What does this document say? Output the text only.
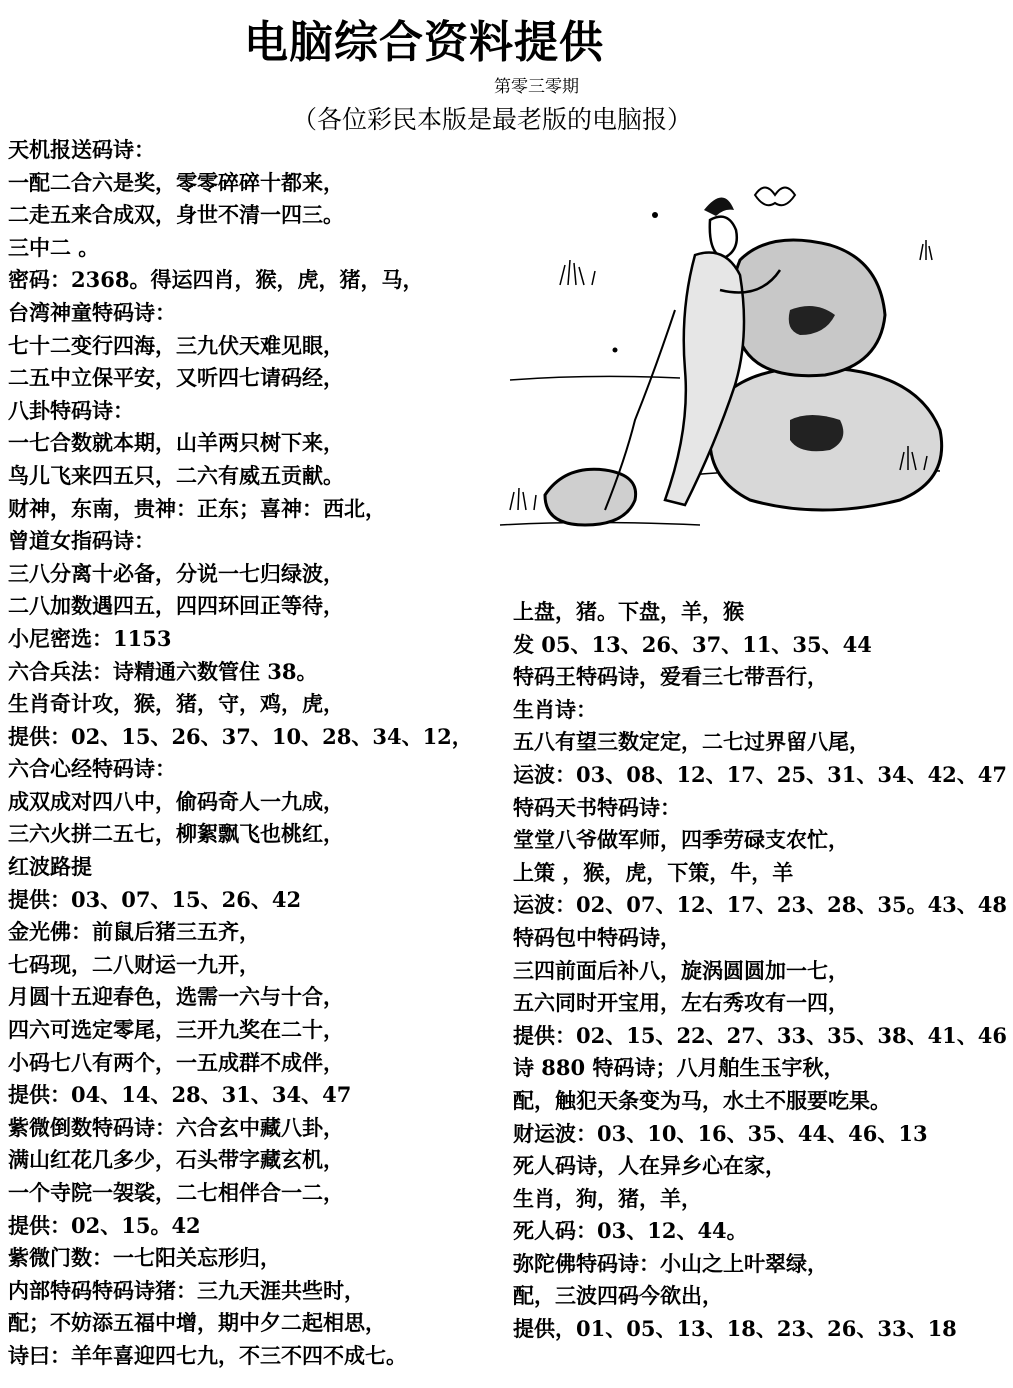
电脑综合资料提供
第零三零期
（各位彩民本版是最老版的电脑报）
天机报送码诗：
一配二合六是奖，零零碎碎十都来，
二走五来合成双，身世不清一四三。
三中二 。
密码：2368。得运四肖，猴，虎，猪，马，
台湾神童特码诗：
七十二变行四海，三九伏天难见眼，
二五中立保平安，又听四七请码经，
八卦特码诗：
一七合数就本期，山羊两只树下来，
鸟儿飞来四五只，二六有威五贡献。
财神，东南，贵神：正东；喜神：西北，
曾道女指码诗：
三八分离十必备，分说一七归绿波，
二八加数遇四五，四四环回正等待，
小尼密选：1153
六合兵法：诗精通六数管住 38。
生肖奇计攻，猴，猪，守，鸡，虎，
提供：02、15、26、37、10、28、34、12，
六合心经特码诗：
成双成对四八中，偷码奇人一九成，
三六火拼二五七，柳絮飘飞也桃红，
红波路提
提供：03、07、15、26、42
金光佛：前鼠后猪三五齐，
七码现，二八财运一九开，
月圆十五迎春色，选需一六与十合，
四六可选定零尾，三开九奖在二十，
小码七八有两个，一五成群不成伴，
提供：04、14、28、31、34、47
紫微倒数特码诗：六合玄中藏八卦，
满山红花几多少，石头带字藏玄机，
一个寺院一袈裟，二七相伴合一二，
提供：02、15。42
紫微门数：一七阳关忘形归，
内部特码特码诗猪：三九天涯共些时，
配；不妨添五福中增，期中夕二起相思，
诗曰：羊年喜迎四七九，不三不四不成七。
上盘，猪。下盘，羊，猴
发 05、13、26、37、11、35、44
特码王特码诗，爱看三七带吾行，
生肖诗：
五八有望三数定定，二七过界留八尾，
运波：03、08、12、17、25、31、34、42、47
特码天书特码诗：
堂堂八爷做军师，四季劳碌支农忙，
上策 ，猴，虎，下策，牛，羊
运波：02、07、12、17、23、28、35。43、48
特码包中特码诗，
三四前面后补八，旋涡圆圆加一七，
五六同时开宝用，左右秀攻有一四，
提供：02、15、22、27、33、35、38、41、46
诗 880 特码诗；八月舶生玉宇秋，
配，触犯天条变为马，水土不服要吃果。
财运波：03、10、16、35、44、46、13
死人码诗，人在异乡心在家，
生肖，狗，猪，羊，
死人码：03、12、44。
弥陀佛特码诗：小山之上叶翠绿，
配，三波四码今欲出，
提供，01、05、13、18、23、26、33、18
